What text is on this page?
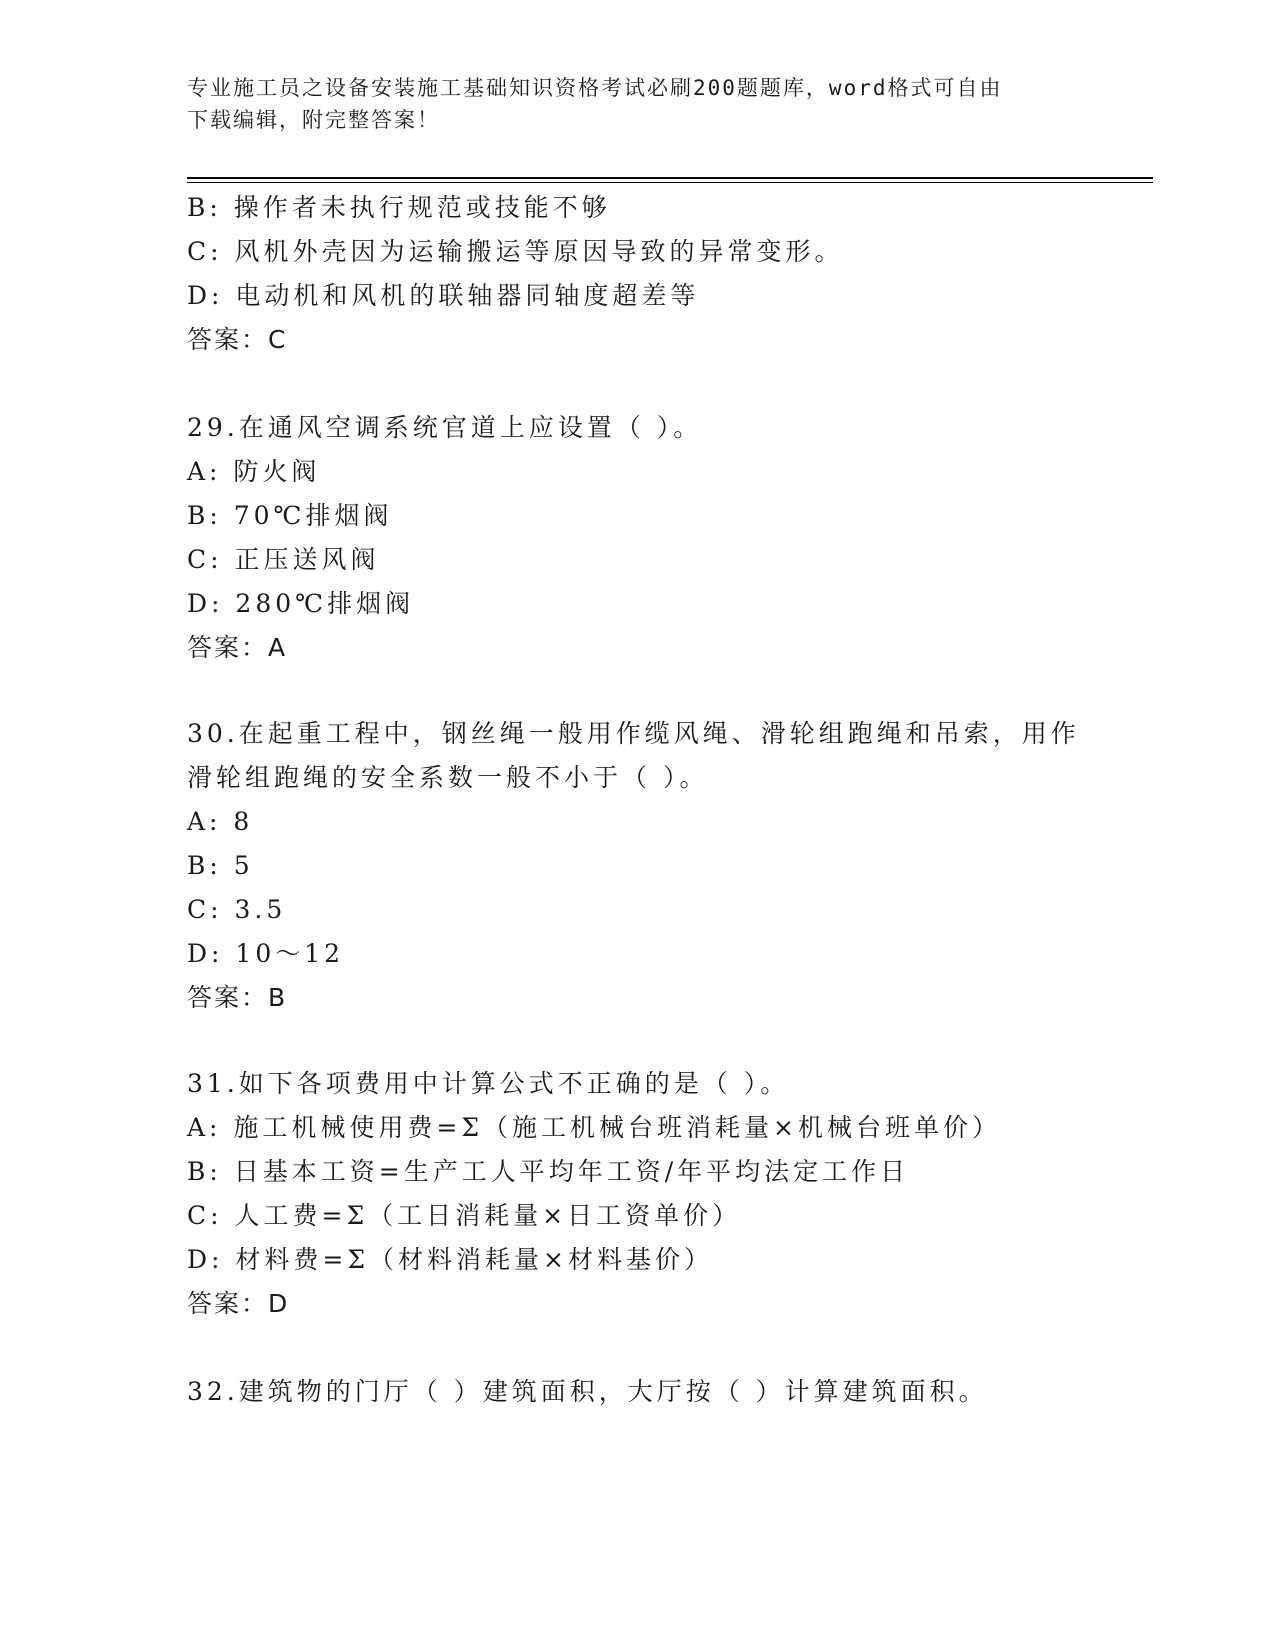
专业施工员之设备安装施工基础知识资格考试必刷200题题库，word格式可自由
下载编辑，附完整答案！
B: 操作者未执行规范或技能不够
C: 风机外壳因为运输搬运等原因导致的异常变形。
D: 电动机和风机的联轴器同轴度超差等
答案：C
29.在通风空调系统官道上应设置（ ）。
A: 防火阀
B: 70℃排烟阀
C: 正压送风阀
D: 280℃排烟阀
答案：A
30.在起重工程中，钢丝绳一般用作缆风绳、滑轮组跑绳和吊索，用作
滑轮组跑绳的安全系数一般不小于（ ）。
A: 8
B: 5
C: 3.5
D: 10～12
答案：B
31.如下各项费用中计算公式不正确的是（ ）。
A: 施工机械使用费=Σ（施工机械台班消耗量×机械台班单价）
B: 日基本工资=生产工人平均年工资/年平均法定工作日
C: 人工费=Σ（工日消耗量×日工资单价）
D: 材料费=Σ（材料消耗量×材料基价）
答案：D
32.建筑物的门厅（ ）建筑面积，大厅按（ ）计算建筑面积。
